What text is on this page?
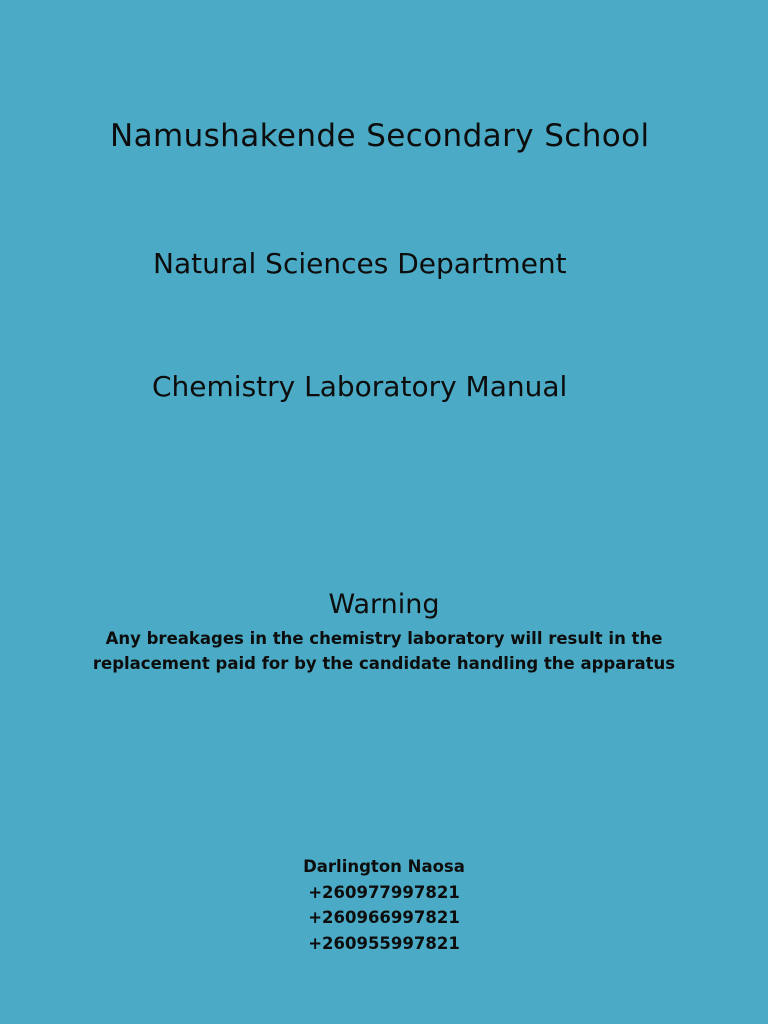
Namushakende Secondary School
Natural Sciences Department
Chemistry Laboratory Manual
Warning

Any breakages in the chemistry laboratory will result in the
replacement paid for by the candidate handling the apparatus

Darlington Naosa
+260977997821
+260966997821
+260955997821
